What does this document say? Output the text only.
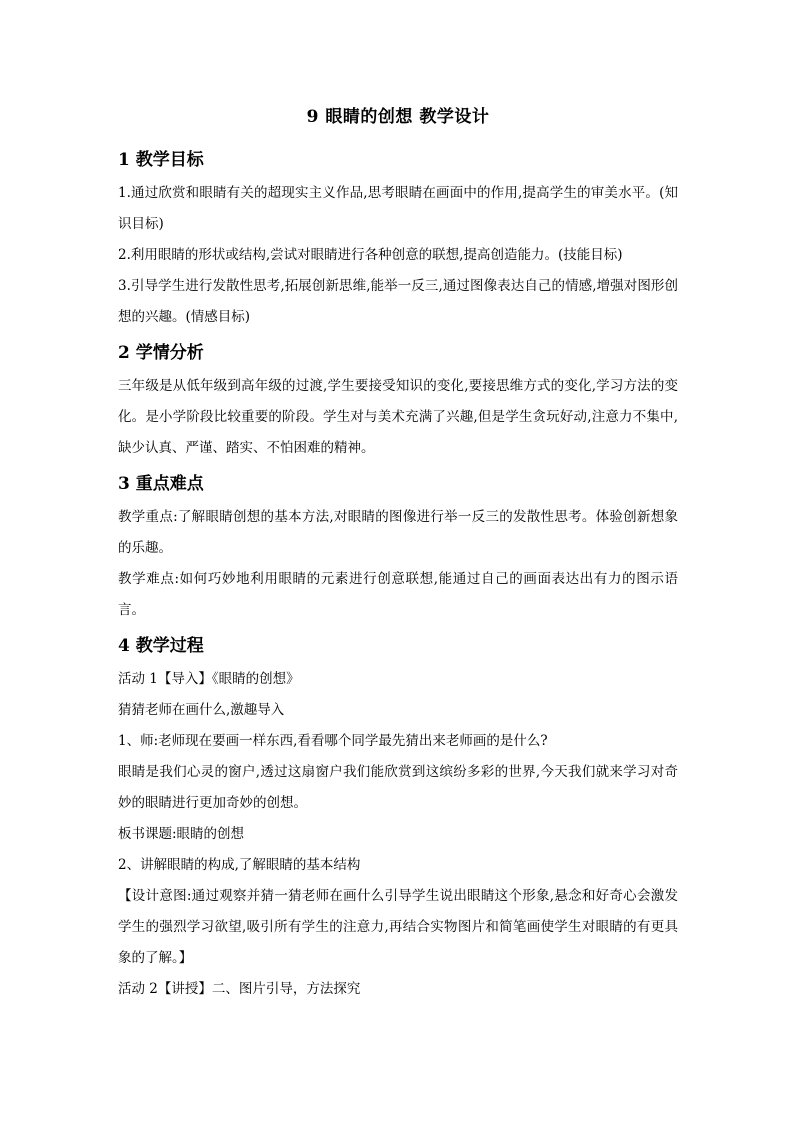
9 眼睛的创想 教学设计
1 教学目标

1.通过欣赏和眼睛有关的超现实主义作品,思考眼睛在画面中的作用,提高学生的审美水平。(知识目标)

2.利用眼睛的形状或结构,尝试对眼睛进行各种创意的联想,提高创造能力。(技能目标)

3.引导学生进行发散性思考,拓展创新思维,能举一反三,通过图像表达自己的情感,增强对图形创想的兴趣。(情感目标)

2 学情分析

三年级是从低年级到高年级的过渡,学生要接受知识的变化,要接思维方式的变化,学习方法的变化。是小学阶段比较重要的阶段。学生对与美术充满了兴趣,但是学生贪玩好动,注意力不集中,缺少认真、严谨、踏实、不怕困难的精神。

3 重点难点

教学重点:了解眼睛创想的基本方法,对眼睛的图像进行举一反三的发散性思考。体验创新想象的乐趣。

教学难点:如何巧妙地利用眼睛的元素进行创意联想,能通过自己的画面表达出有力的图示语言。

4 教学过程

活动 1【导入】《眼睛的创想》

猜猜老师在画什么,激趣导入

1、师:老师现在要画一样东西,看看哪个同学最先猜出来老师画的是什么?

眼睛是我们心灵的窗户,透过这扇窗户我们能欣赏到这缤纷多彩的世界,今天我们就来学习对奇妙的眼睛进行更加奇妙的创想。

板书课题:眼睛的创想

2、讲解眼睛的构成,了解眼睛的基本结构

【设计意图:通过观察并猜一猜老师在画什么引导学生说出眼睛这个形象,悬念和好奇心会激发学生的强烈学习欲望,吸引所有学生的注意力,再结合实物图片和简笔画使学生对眼睛的有更具象的了解。】

活动 2【讲授】二、图片引导，方法探究
